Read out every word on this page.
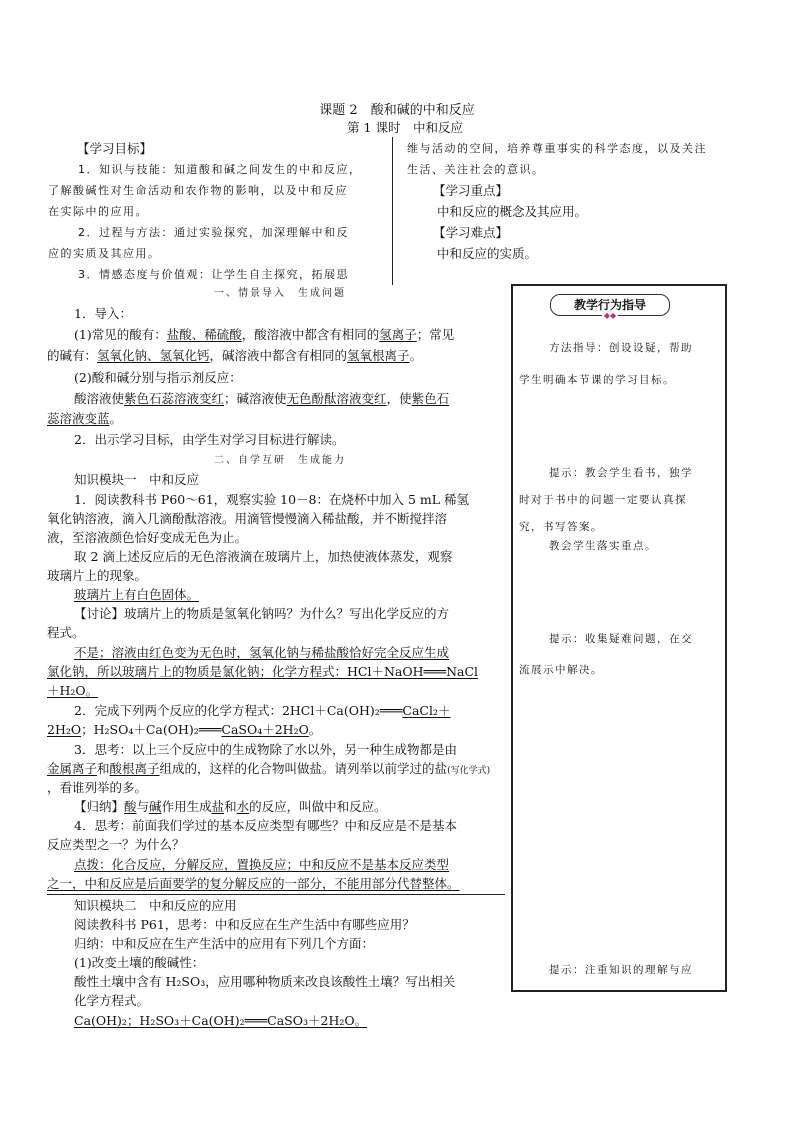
课题 2　酸和碱的中和反应
第 1 课时　中和反应
【学习目标】
1．知识与技能：知道酸和碱之间发生的中和反应，
了解酸碱性对生命活动和农作物的影响，以及中和反应
在实际中的应用。
2．过程与方法：通过实验探究，加深理解中和反
应的实质及其应用。
3．情感态度与价值观：让学生自主探究，拓展思
维与活动的空间，培养尊重事实的科学态度，以及关注
生活、关注社会的意识。
【学习重点】
中和反应的概念及其应用。
【学习难点】
中和反应的实质。
一、情景导入　生成问题
1．导入：
(1)常见的酸有：盐酸、稀硫酸，酸溶液中都含有相同的氢离子；常见
的碱有：氢氧化钠、氢氧化钙，碱溶液中都含有相同的氢氧根离子。
(2)酸和碱分别与指示剂反应：
酸溶液使紫色石蕊溶液变红；碱溶液使无色酚酞溶液变红，使紫色石
蕊溶液变蓝。
2．出示学习目标，由学生对学习目标进行解读。
二、自学互研　生成能力
知识模块一　中和反应
1．阅读教科书 P60～61，观察实验 10－8：在烧杯中加入 5 mL 稀氢
氧化钠溶液，滴入几滴酚酞溶液。用滴管慢慢滴入稀盐酸，并不断搅拌溶
液，至溶液颜色恰好变成无色为止。
取 2 滴上述反应后的无色溶液滴在玻璃片上，加热使液体蒸发，观察
玻璃片上的现象。
玻璃片上有白色固体。
【讨论】玻璃片上的物质是氢氧化钠吗？为什么？写出化学反应的方
程式。
不是；溶液由红色变为无色时，氢氧化钠与稀盐酸恰好完全反应生成
氯化钠，所以玻璃片上的物质是氯化钠；化学方程式：HCl＋NaOH═══NaCl
＋H₂O。
2．完成下列两个反应的化学方程式：2HCl＋Ca(OH)₂═══CaCl₂＋
2H₂O；H₂SO₄＋Ca(OH)₂═══CaSO₄＋2H₂O。
3．思考：以上三个反应中的生成物除了水以外，另一种生成物都是由
金属离子和酸根离子组成的，这样的化合物叫做盐。请列举以前学过的盐(写化学式)
，看谁列举的多。
【归纳】酸与碱作用生成盐和水的反应，叫做中和反应。
4．思考：前面我们学过的基本反应类型有哪些？中和反应是不是基本
反应类型之一？为什么？
点拨：化合反应，分解反应，置换反应；中和反应不是基本反应类型
之一，中和反应是后面要学的复分解反应的一部分，不能用部分代替整体。
知识模块二　中和反应的应用
阅读教科书 P61，思考：中和反应在生产生活中有哪些应用？
归纳：中和反应在生产生活中的应用有下列几个方面：
(1)改变土壤的酸碱性：
酸性土壤中含有 H₂SO₃，应用哪种物质来改良该酸性土壤？写出相关
化学方程式。
Ca(OH)₂；H₂SO₃＋Ca(OH)₂═══CaSO₃＋2H₂O。
教学行为指导
◆◆
方法指导：创设设疑，帮助
学生明确本节课的学习目标。
提示：教会学生看书，独学
时对于书中的问题一定要认真探
究，书写答案。
教会学生落实重点。
提示：收集疑难问题，在交
流展示中解决。
提示：注重知识的理解与应
